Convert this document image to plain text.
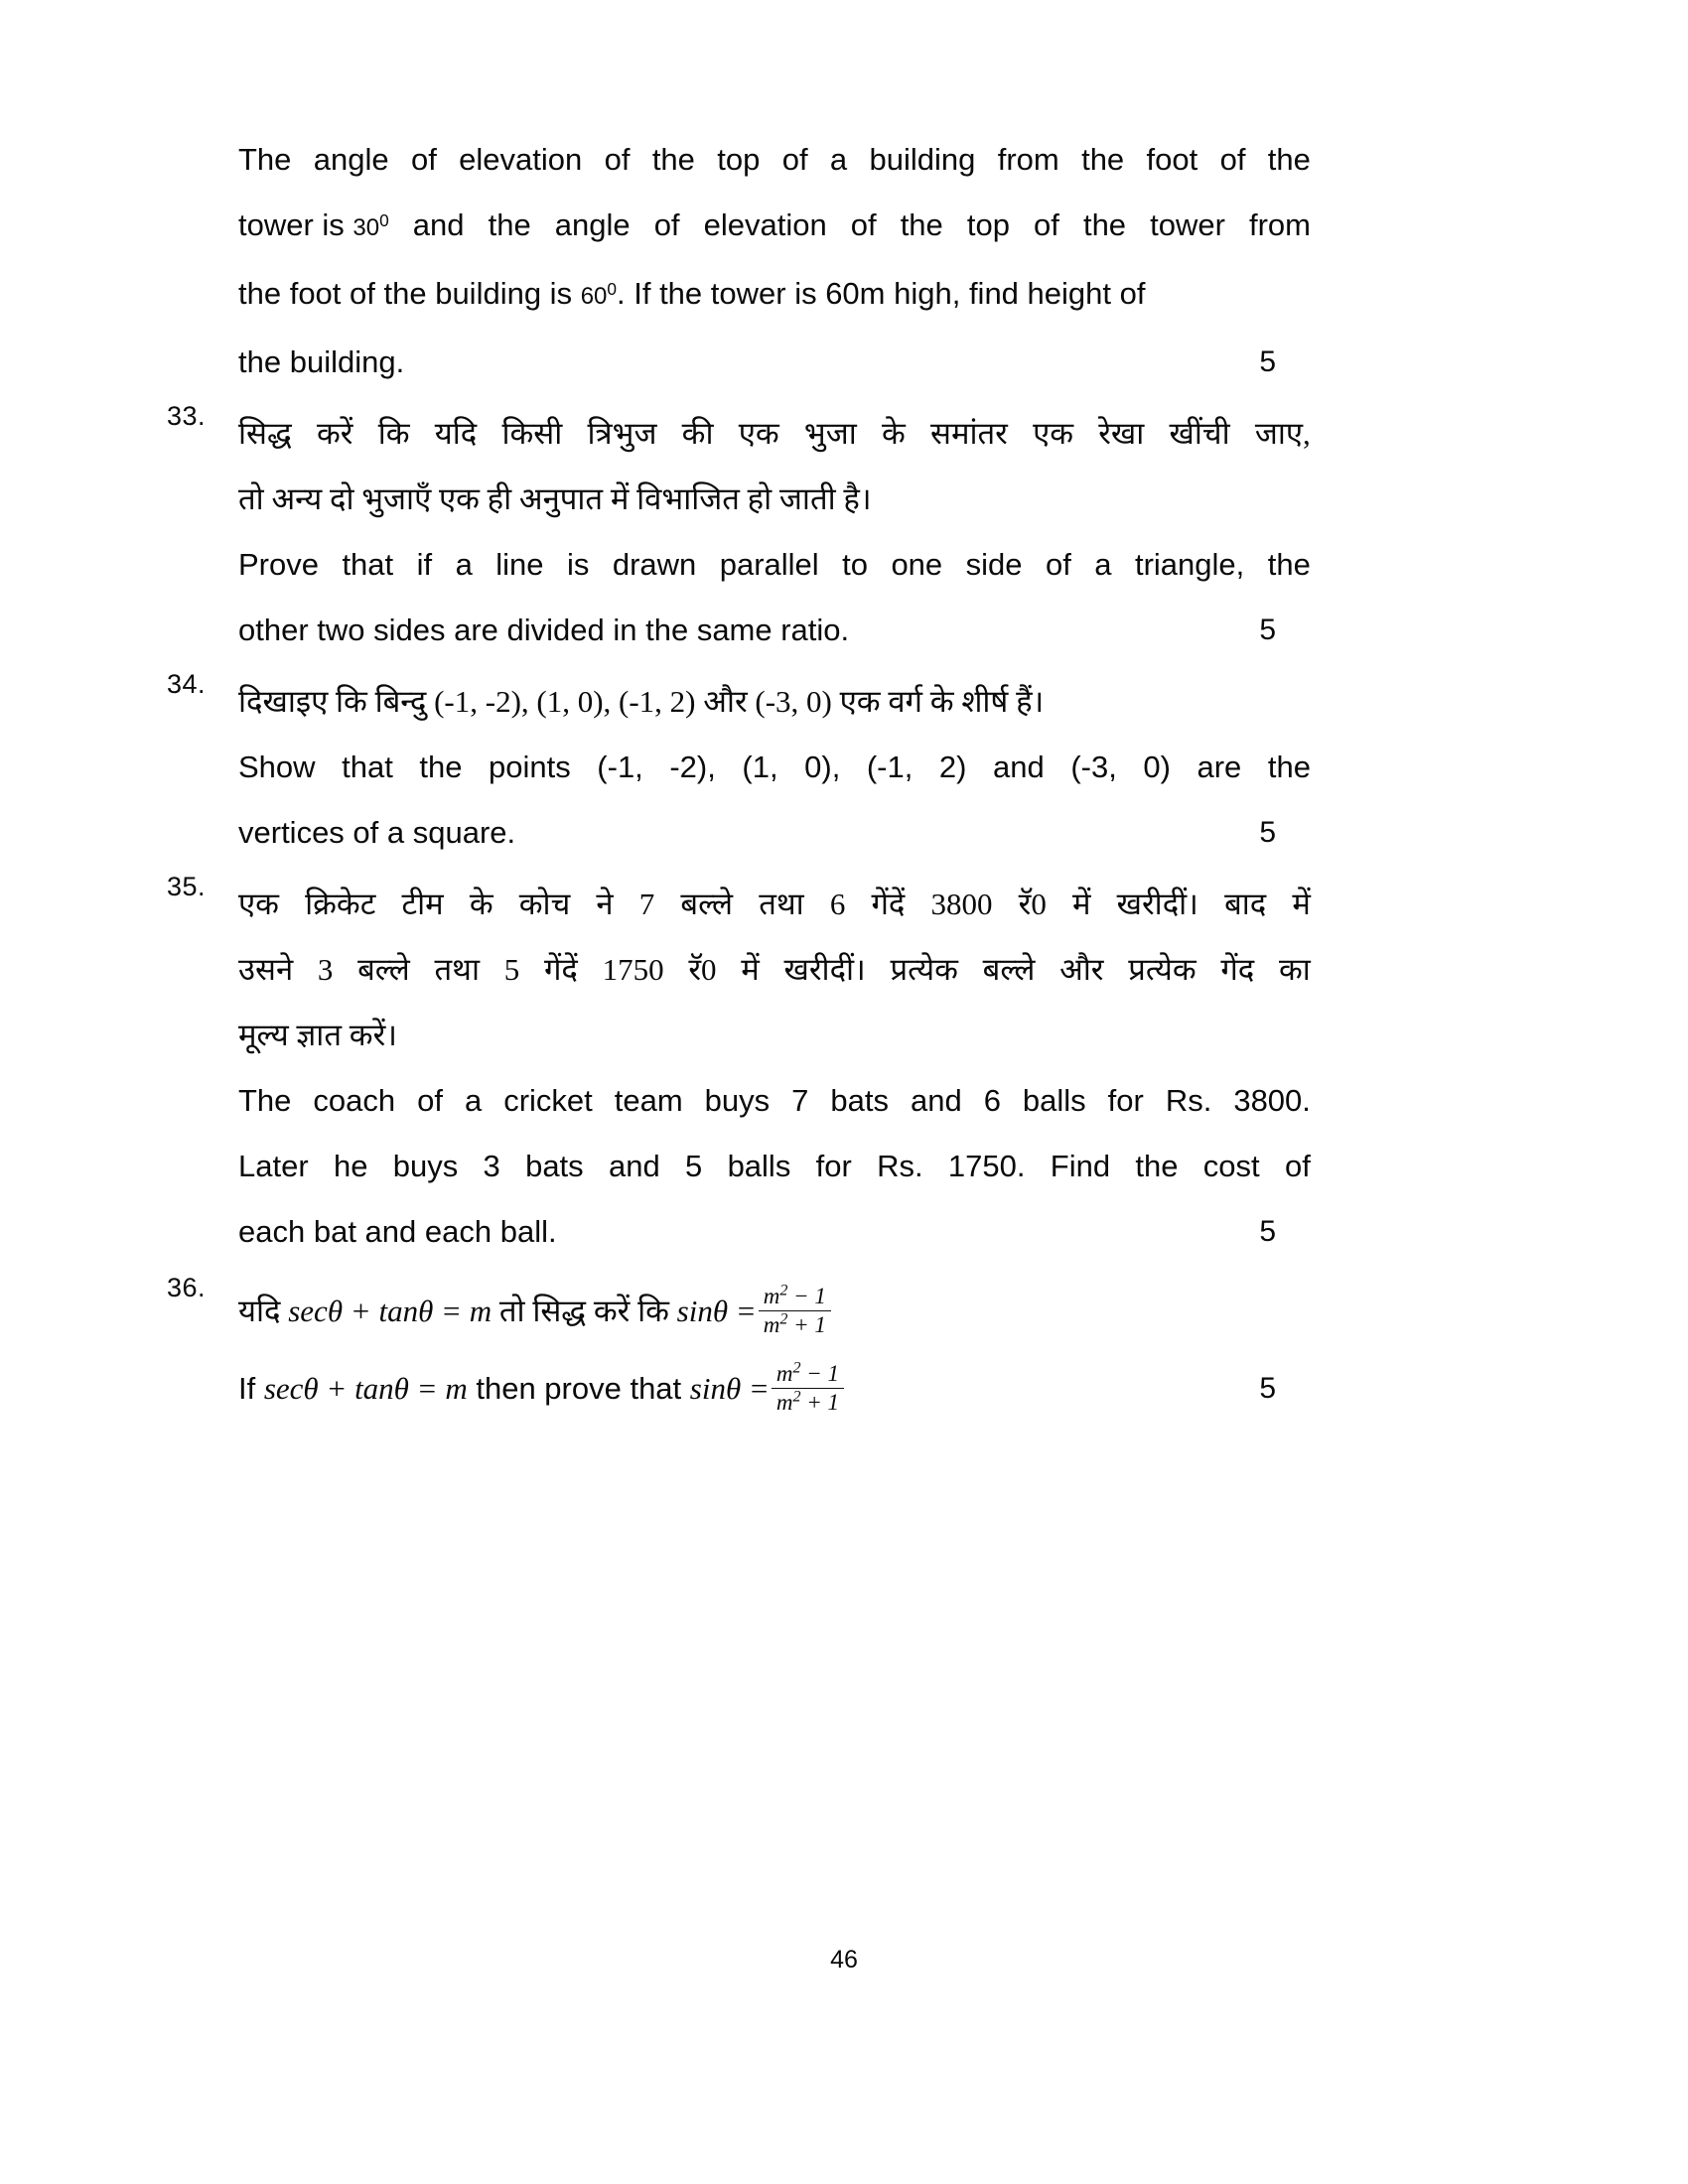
The angle of elevation of the top of a building from the foot of the
tower is $30^0$ and the angle of elevation of the top of the tower from
the foot of the building is $60^0$. If the tower is 60m high, find height of
the building.	5
33.	सिद्ध करें कि यदि किसी त्रिभुज की एक भुजा के समांतर एक रेखा खींची जाए,
तो अन्य दो भुजाएँ एक ही अनुपात में विभाजित हो जाती है।
Prove that if a line is drawn parallel to one side of a triangle, the
other two sides are divided in the same ratio.	5
34.	दिखाइए कि बिन्दु (-1, -2), (1, 0), (-1, 2) और (-3, 0) एक वर्ग के शीर्ष हैं।
Show that the points (-1, -2), (1, 0), (-1, 2) and (-3, 0) are the
vertices of a square.	5
35.	एक क्रिकेट टीम के कोच ने 7 बल्ले तथा 6 गेंदें 3800 रॅ0 में खरीदीं। बाद में
उसने 3 बल्ले तथा 5 गेंदें 1750 रॅ0 में खरीदीं। प्रत्येक बल्ले और प्रत्येक गेंद का
मूल्य ज्ञात करें।
The coach of a cricket team buys 7 bats and 6 balls for Rs. 3800.
Later he buys 3 bats and 5 balls for Rs. 1750. Find the cost of
each bat and each ball.	5
36.
यदि secθ + tanθ = m तो सिद्ध करें कि $\sin\theta = \frac{m^2 - 1}{m^2 + 1}$
If secθ + tanθ = m then prove that $\sin\theta = \frac{m^2 - 1}{m^2 + 1}$	5
46
